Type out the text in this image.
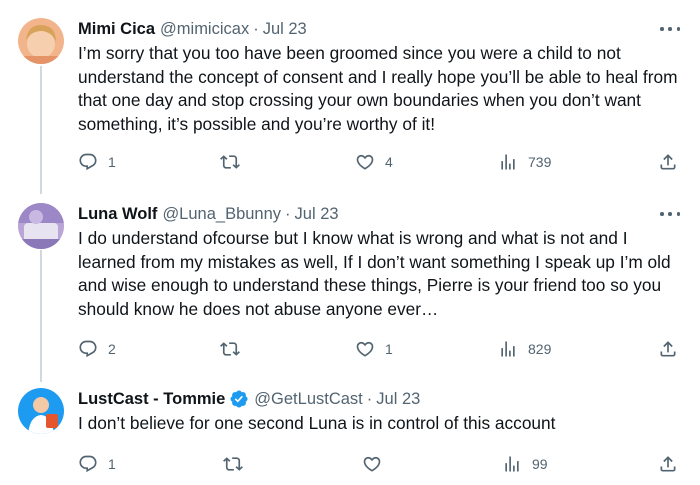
Mimi Cica @mimicicax · Jul 23
I’m sorry that you too have been groomed since you were a child to not understand the concept of consent and I really hope you’ll be able to heal from that one day and stop crossing your own boundaries when you don’t want something, it’s possible and you’re worthy of it!
1	4	739
Luna Wolf @Luna_Bbunny · Jul 23
I do understand ofcourse but I know what is wrong and what is not and I learned from my mistakes as well, If I don’t want something I speak up I’m old and wise enough to understand these things, Pierre is your friend too so you should know he does not abuse anyone ever…
2	1	829
LustCast - Tommie @GetLustCast · Jul 23
I don’t believe for one second Luna is in control of this account
1	99
